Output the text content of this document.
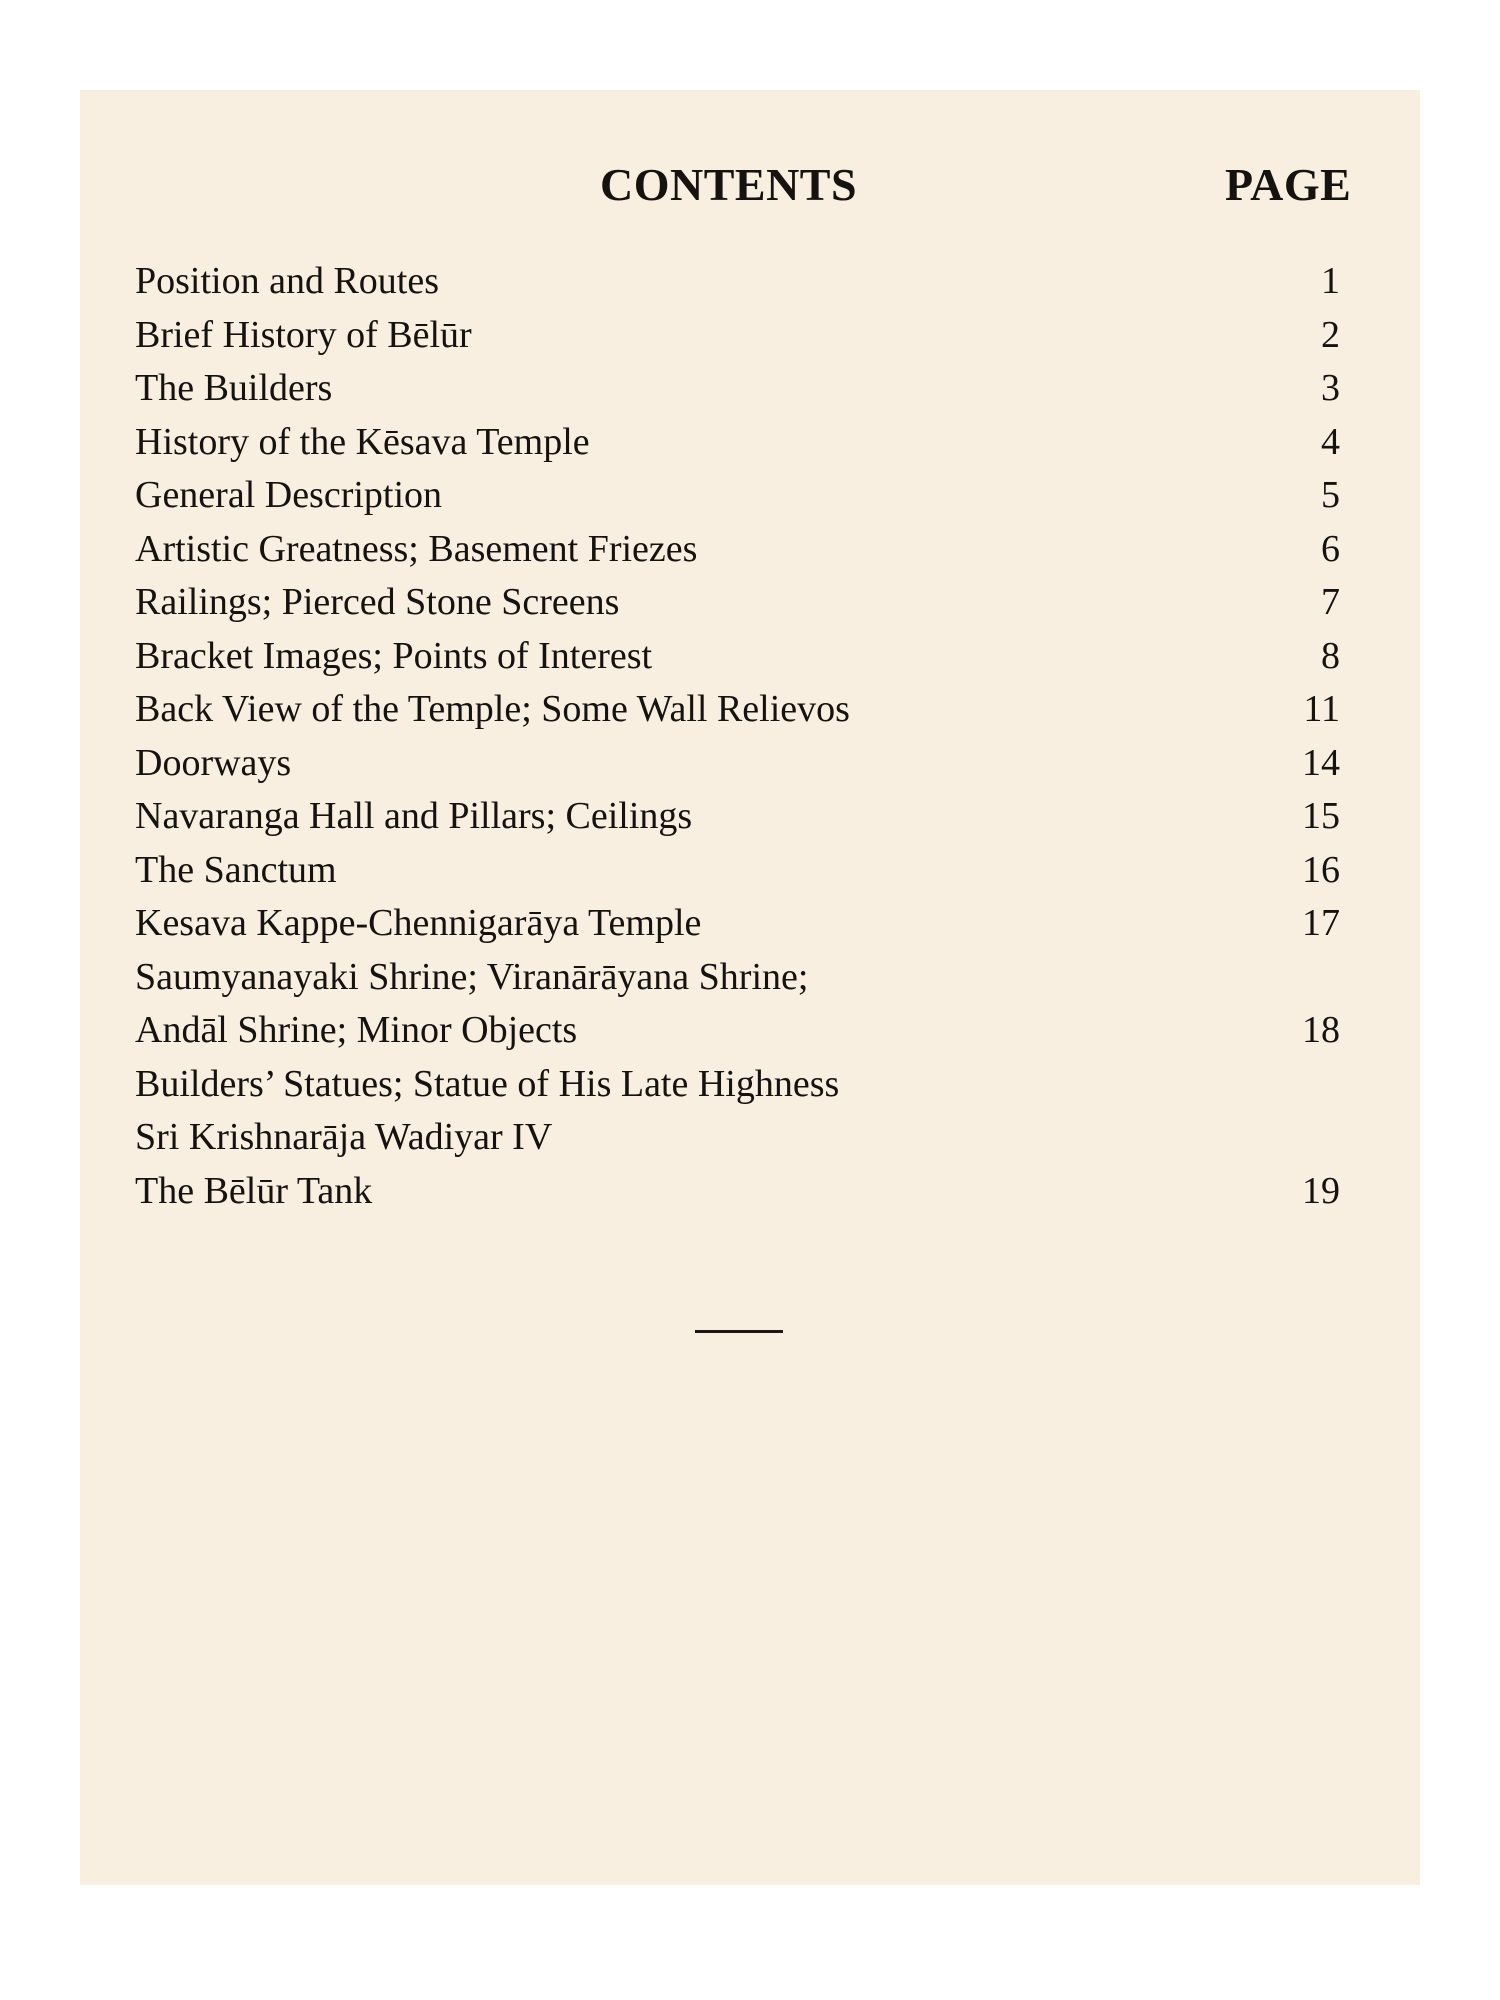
CONTENTS	PAGE
Position and Routes	1
Brief History of Bēlūr	2
The Builders	3
History of the Kēsava Temple	4
General Description	5
Artistic Greatness; Basement Friezes	6
Railings; Pierced Stone Screens	7
Bracket Images; Points of Interest	8
Back View of the Temple; Some Wall Relievos	11
Doorways	14
Navaranga Hall and Pillars; Ceilings	15
The Sanctum	16
Kesava Kappe-Chennigarāya Temple	17
Saumyanayaki Shrine; Viranārāyana Shrine;
Andāl Shrine; Minor Objects	18
Builders’ Statues; Statue of His Late Highness
Sri Krishnarāja Wadiyar IV
The Bēlūr Tank	19
